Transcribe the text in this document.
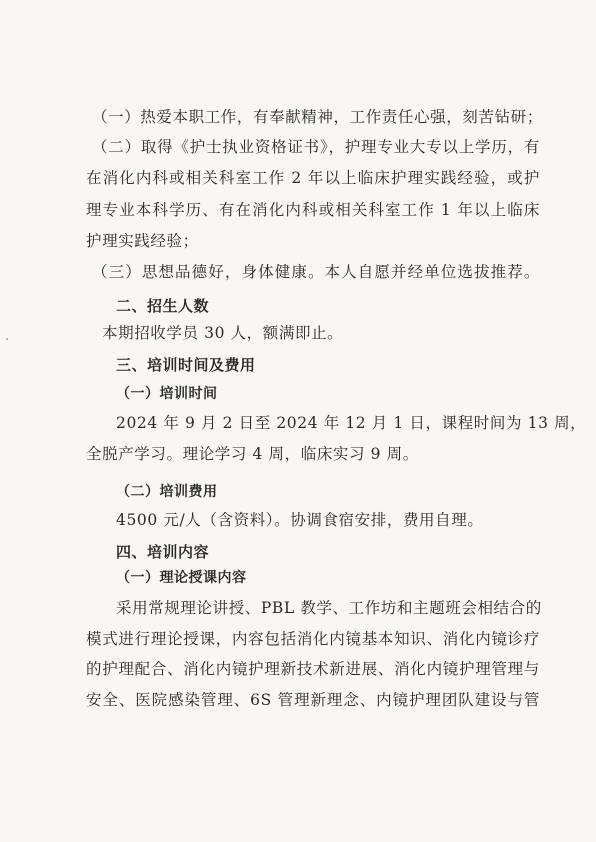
（一）热爱本职工作，有奉献精神，工作责任心强，刻苦钻研；
（二）取得《护士执业资格证书》，护理专业大专以上学历，有
在消化内科或相关科室工作 2 年以上临床护理实践经验，或护
理专业本科学历、有在消化内科或相关科室工作 1 年以上临床
护理实践经验；
（三）思想品德好，身体健康。本人自愿并经单位选拔推荐。
二、招生人数
本期招收学员 30 人，额满即止。
三、培训时间及费用
（一）培训时间
2024 年 9 月 2 日至 2024 年 12 月 1 日，课程时间为 13 周，
全脱产学习。理论学习 4 周，临床实习 9 周。
（二）培训费用
4500 元/人（含资料）。协调食宿安排，费用自理。
四、培训内容
（一）理论授课内容
采用常规理论讲授、PBL 教学、工作坊和主题班会相结合的
模式进行理论授课，内容包括消化内镜基本知识、消化内镜诊疗
的护理配合、消化内镜护理新技术新进展、消化内镜护理管理与
安全、医院感染管理、6S 管理新理念、内镜护理团队建设与管
